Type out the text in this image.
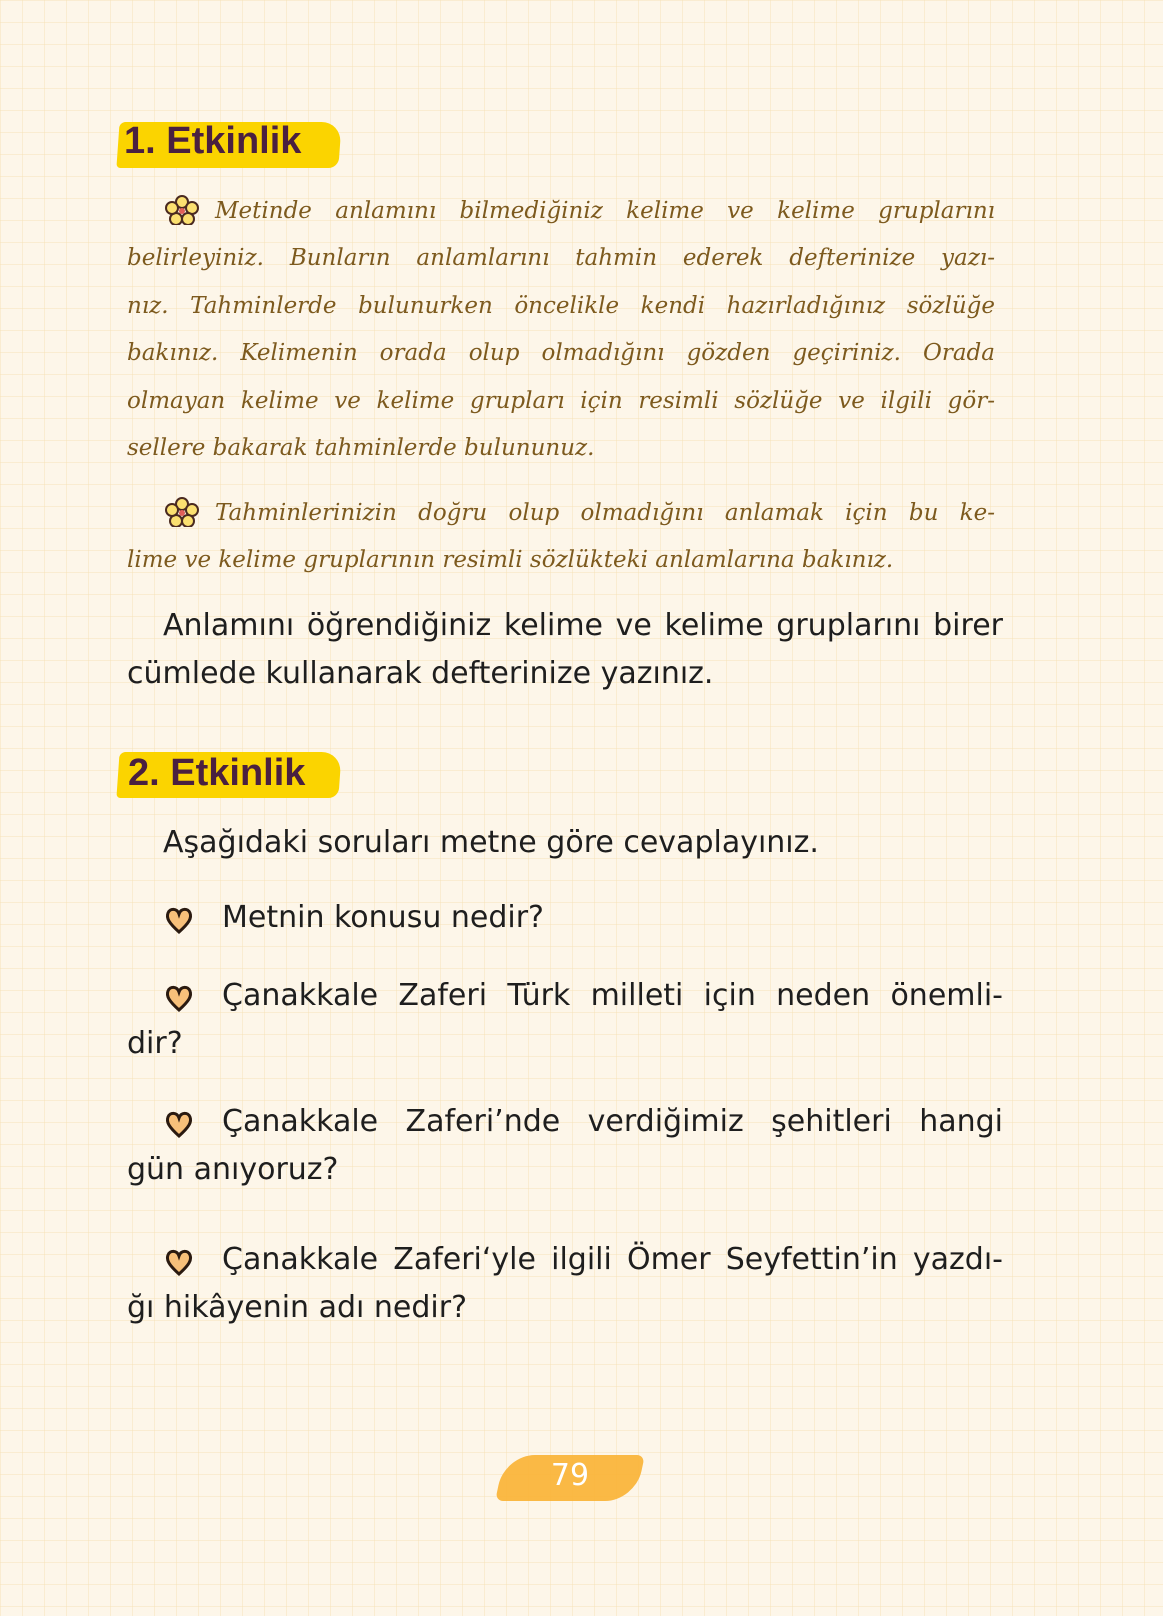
1. Etkinlik
Metinde anlamını bilmediğiniz kelime ve kelime gruplarını
belirleyiniz. Bunların anlamlarını tahmin ederek defterinize yazı-
nız. Tahminlerde bulunurken öncelikle kendi hazırladığınız sözlüğe
bakınız. Kelimenin orada olup olmadığını gözden geçiriniz. Orada
olmayan kelime ve kelime grupları için resimli sözlüğe ve ilgili gör-
sellere bakarak tahminlerde bulununuz.
Tahminlerinizin doğru olup olmadığını anlamak için bu ke-
lime ve kelime gruplarının resimli sözlükteki anlamlarına bakınız.
Anlamını öğrendiğiniz kelime ve kelime gruplarını birer
cümlede kullanarak defterinize yazınız.
2. Etkinlik
Aşağıdaki soruları metne göre cevaplayınız.
Metnin konusu nedir?
Çanakkale Zaferi Türk milleti için neden önemli-
dir?
Çanakkale Zaferi’nde verdiğimiz şehitleri hangi
gün anıyoruz?
Çanakkale Zaferi‘yle ilgili Ömer Seyfettin’in yazdı-
ğı hikâyenin adı nedir?
79
